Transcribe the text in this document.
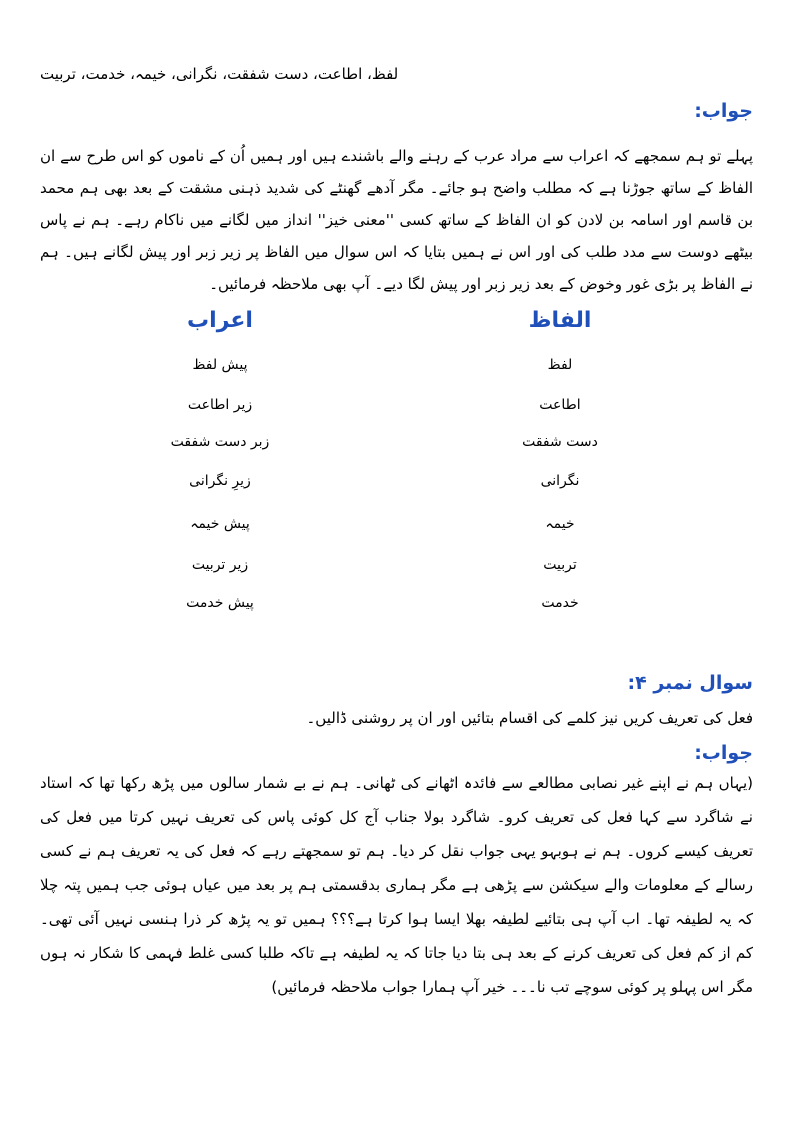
لفظ، اطاعت، دست شفقت، نگرانی، خیمہ، خدمت، تربیت
جواب:
پہلے تو ہم سمجھے کہ اعراب سے مراد عرب کے رہنے والے باشندے ہیں اور ہمیں اُن کے ناموں کو اس طرح سے ان الفاظ کے ساتھ جوڑنا ہے کہ مطلب واضح ہو جائے۔ مگر آدھے گھنٹے کی شدید ذہنی مشقت کے بعد بھی ہم محمد بن قاسم اور اسامہ بن لادن کو ان الفاظ کے ساتھ کسی ''معنی خیز'' انداز میں لگانے میں ناکام رہے۔ ہم نے پاس بیٹھے دوست سے مدد طلب کی اور اس نے ہمیں بتایا کہ اس سوال میں الفاظ پر زیر زبر اور پیش لگانے ہیں۔ ہم نے الفاظ پر بڑی غور وخوض کے بعد زیر زبر اور پیش لگا دیے۔ آپ بھی ملاحظہ فرمائیں۔
الفاظ
اعراب
لفظ
پیش لفظ
اطاعت
زیر اطاعت
دست شفقت
زبر دست شفقت
نگرانی
زیرِ نگرانی
خیمہ
پیش خیمہ
تربیت
زیر تربیت
خدمت
پیش خدمت
سوال نمبر ۴:
فعل کی تعریف کریں نیز کلمے کی اقسام بتائیں اور ان پر روشنی ڈالیں۔
جواب:
(یہاں ہم نے اپنے غیر نصابی مطالعے سے فائدہ اٹھانے کی ٹھانی۔ ہم نے بے شمار سالوں میں پڑھ رکھا تھا کہ استاد نے شاگرد سے کہا فعل کی تعریف کرو۔ شاگرد بولا جناب آج کل کوئی پاس کی تعریف نہیں کرتا میں فعل کی تعریف کیسے کروں۔ ہم نے ہوبہو یہی جواب نقل کر دیا۔ ہم تو سمجھتے رہے کہ فعل کی یہ تعریف ہم نے کسی رسالے کے معلومات والے سیکشن سے پڑھی ہے مگر ہماری بدقسمتی ہم پر بعد میں عیاں ہوئی جب ہمیں پتہ چلا کہ یہ لطیفہ تھا۔ اب آپ ہی بتائیے لطیفہ بھلا ایسا ہوا کرتا ہے؟؟؟ ہمیں تو یہ پڑھ کر ذرا ہنسی نہیں آئی تھی۔ کم از کم فعل کی تعریف کرنے کے بعد ہی بتا دیا جاتا کہ یہ لطیفہ ہے تاکہ طلبا کسی غلط فہمی کا شکار نہ ہوں مگر اس پہلو پر کوئی سوچے تب نا۔۔۔ خیر آپ ہمارا جواب ملاحظہ فرمائیں)
